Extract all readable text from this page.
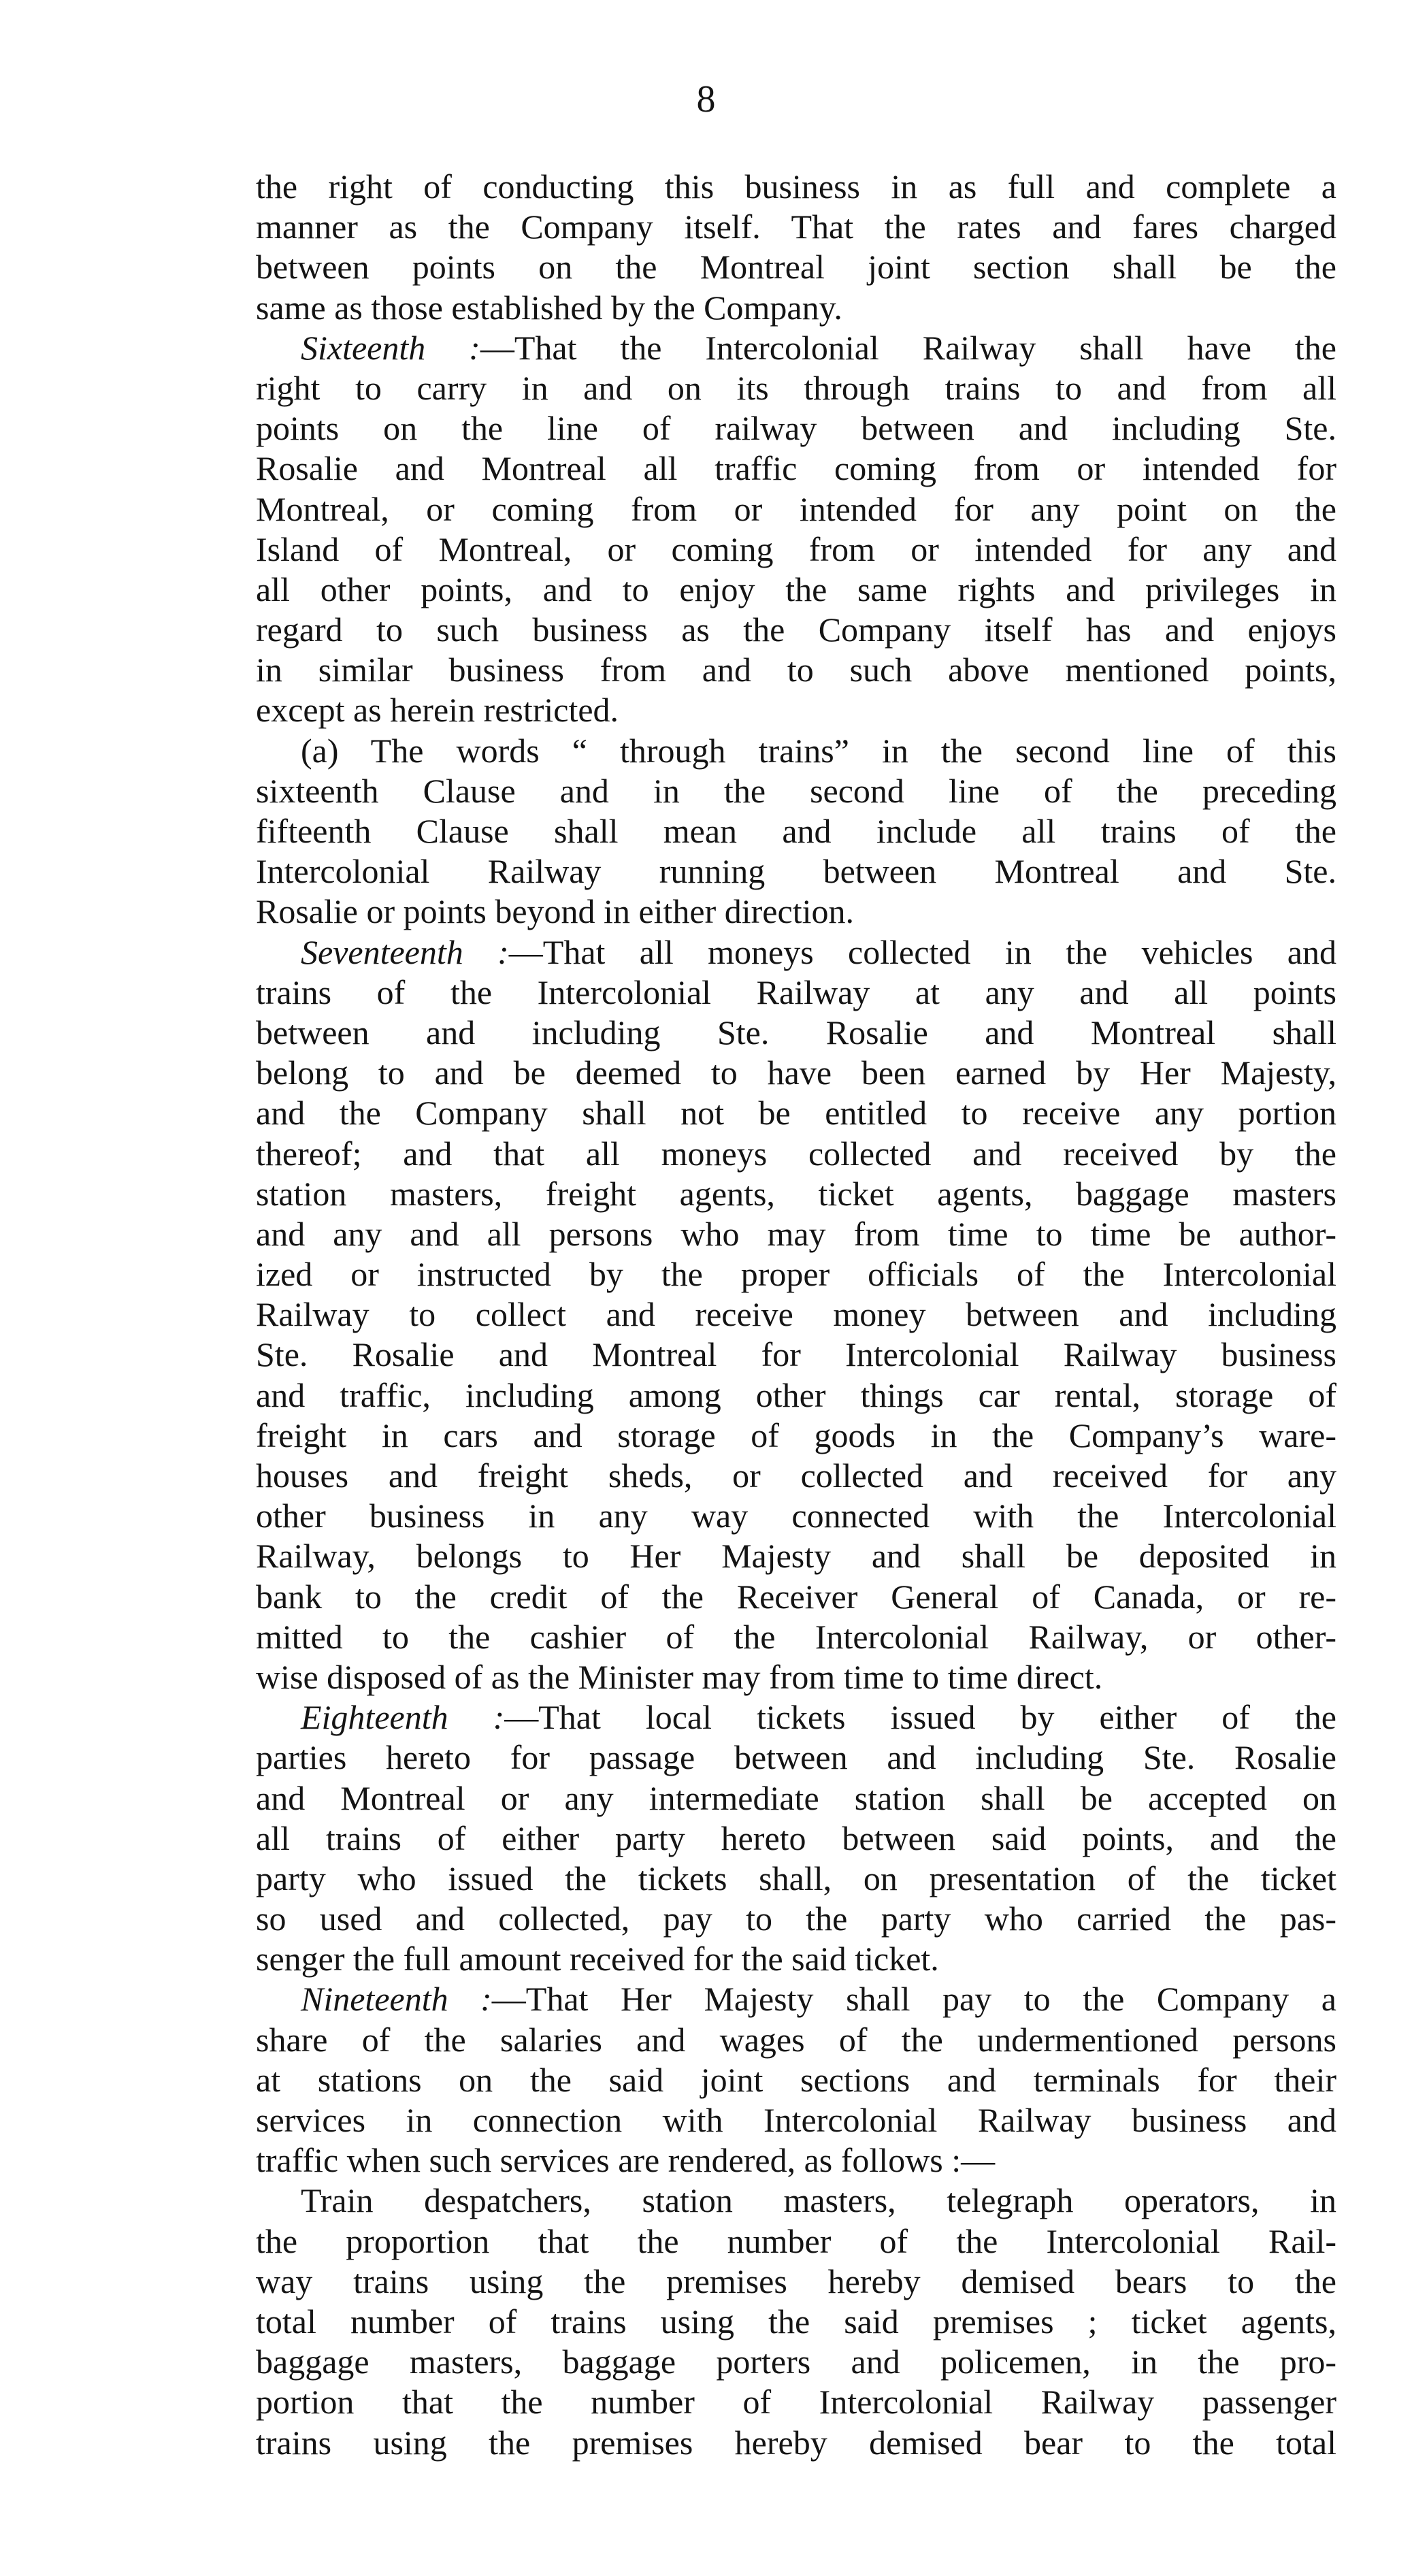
8
the right of conducting this business in as full and complete a
manner as the Company itself. That the rates and fares charged
between points on the Montreal joint section shall be the
same as those established by the Company.
Sixteenth :—That the Intercolonial Railway shall have the
right to carry in and on its through trains to and from all
points on the line of railway between and including Ste.
Rosalie and Montreal all traffic coming from or intended for
Montreal, or coming from or intended for any point on the
Island of Montreal, or coming from or intended for any and
all other points, and to enjoy the same rights and privileges in
regard to such business as the Company itself has and enjoys
in similar business from and to such above mentioned points,
except as herein restricted.
(a) The words “ through trains” in the second line of this
sixteenth Clause and in the second line of the preceding
fifteenth Clause shall mean and include all trains of the
Intercolonial Railway running between Montreal and Ste.
Rosalie or points beyond in either direction.
Seventeenth :—That all moneys collected in the vehicles and
trains of the Intercolonial Railway at any and all points
between and including Ste. Rosalie and Montreal shall
belong to and be deemed to have been earned by Her Majesty,
and the Company shall not be entitled to receive any portion
thereof; and that all moneys collected and received by the
station masters, freight agents, ticket agents, baggage masters
and any and all persons who may from time to time be author-
ized or instructed by the proper officials of the Intercolonial
Railway to collect and receive money between and including
Ste. Rosalie and Montreal for Intercolonial Railway business
and traffic, including among other things car rental, storage of
freight in cars and storage of goods in the Company’s ware-
houses and freight sheds, or collected and received for any
other business in any way connected with the Intercolonial
Railway, belongs to Her Majesty and shall be deposited in
bank to the credit of the Receiver General of Canada, or re-
mitted to the cashier of the Intercolonial Railway, or other-
wise disposed of as the Minister may from time to time direct.
Eighteenth :—That local tickets issued by either of the
parties hereto for passage between and including Ste. Rosalie
and Montreal or any intermediate station shall be accepted on
all trains of either party hereto between said points, and the
party who issued the tickets shall, on presentation of the ticket
so used and collected, pay to the party who carried the pas-
senger the full amount received for the said ticket.
Nineteenth :—That Her Majesty shall pay to the Company a
share of the salaries and wages of the undermentioned persons
at stations on the said joint sections and terminals for their
services in connection with Intercolonial Railway business and
traffic when such services are rendered, as follows :—
Train despatchers, station masters, telegraph operators, in
the proportion that the number of the Intercolonial Rail-
way trains using the premises hereby demised bears to the
total number of trains using the said premises ; ticket agents,
baggage masters, baggage porters and policemen, in the pro-
portion that the number of Intercolonial Railway passenger
trains using the premises hereby demised bear to the total
